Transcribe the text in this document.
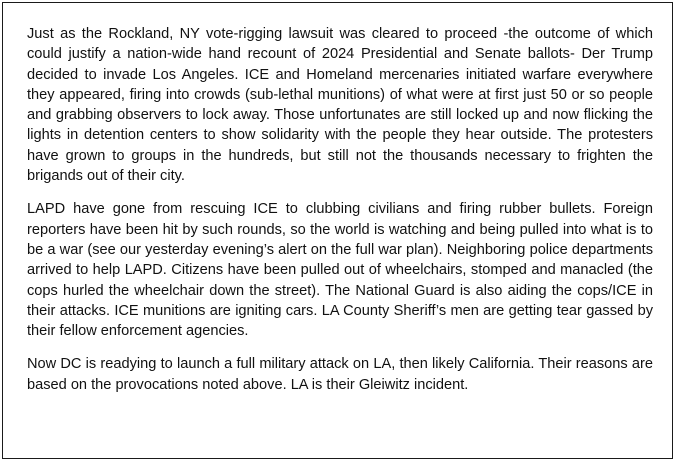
Just as the Rockland, NY vote-rigging lawsuit was cleared to proceed -the outcome of which could justify a nation-wide hand recount of 2024 Presidential and Senate ballots- Der Trump decided to invade Los Angeles. ICE and Homeland mercenaries initiated warfare everywhere they appeared, firing into crowds (sub-lethal munitions) of what were at first just 50 or so people and grabbing observers to lock away. Those unfortunates are still locked up and now flicking the lights in detention centers to show solidarity with the people they hear outside. The protesters have grown to groups in the hundreds, but still not the thousands necessary to frighten the brigands out of their city.

LAPD have gone from rescuing ICE to clubbing civilians and firing rubber bullets. Foreign reporters have been hit by such rounds, so the world is watching and being pulled into what is to be a war (see our yesterday evening’s alert on the full war plan). Neighboring police departments arrived to help LAPD. Citizens have been pulled out of wheelchairs, stomped and manacled (the cops hurled the wheelchair down the street). The National Guard is also aiding the cops/ICE in their attacks. ICE munitions are igniting cars. LA County Sheriff’s men are getting tear gassed by their fellow enforcement agencies.

Now DC is readying to launch a full military attack on LA, then likely California. Their reasons are based on the provocations noted above. LA is their Gleiwitz incident.
